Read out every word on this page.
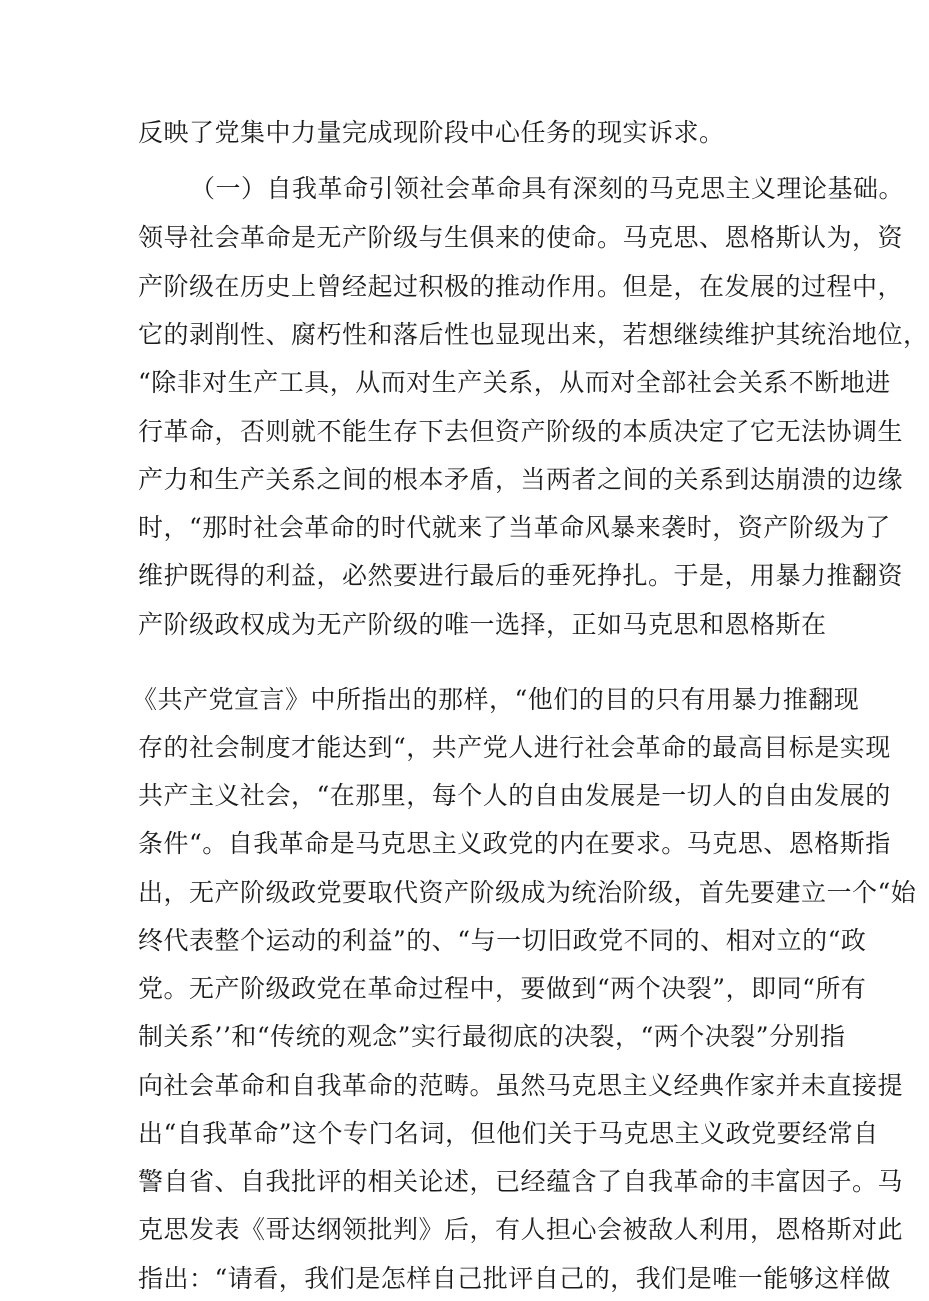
反映了党集中力量完成现阶段中心任务的现实诉求。
（一）自我革命引领社会革命具有深刻的马克思主义理论基础。
领导社会革命是无产阶级与生俱来的使命。马克思、恩格斯认为，资
产阶级在历史上曾经起过积极的推动作用。但是，在发展的过程中，
它的剥削性、腐朽性和落后性也显现出来，若想继续维护其统治地位，
“除非对生产工具，从而对生产关系，从而对全部社会关系不断地进
行革命，否则就不能生存下去但资产阶级的本质决定了它无法协调生
产力和生产关系之间的根本矛盾，当两者之间的关系到达崩溃的边缘
时，“那时社会革命的时代就来了当革命风暴来袭时，资产阶级为了
维护既得的利益，必然要进行最后的垂死挣扎。于是，用暴力推翻资
产阶级政权成为无产阶级的唯一选择，正如马克思和恩格斯在
《共产党宣言》中所指出的那样，“他们的目的只有用暴力推翻现
存的社会制度才能达到“，共产党人进行社会革命的最高目标是实现
共产主义社会，“在那里，每个人的自由发展是一切人的自由发展的
条件“。自我革命是马克思主义政党的内在要求。马克思、恩格斯指
出，无产阶级政党要取代资产阶级成为统治阶级，首先要建立一个“始
终代表整个运动的利益”的、“与一切旧政党不同的、相对立的“政
党。无产阶级政党在革命过程中，要做到“两个决裂”，即同“所有
制关系’’和“传统的观念”实行最彻底的决裂，“两个决裂”分别指
向社会革命和自我革命的范畴。虽然马克思主义经典作家并未直接提
出“自我革命”这个专门名词，但他们关于马克思主义政党要经常自
警自省、自我批评的相关论述，已经蕴含了自我革命的丰富因子。马
克思发表《哥达纲领批判》后，有人担心会被敌人利用，恩格斯对此
指出：“请看，我们是怎样自己批评自己的，我们是唯一能够这样做
